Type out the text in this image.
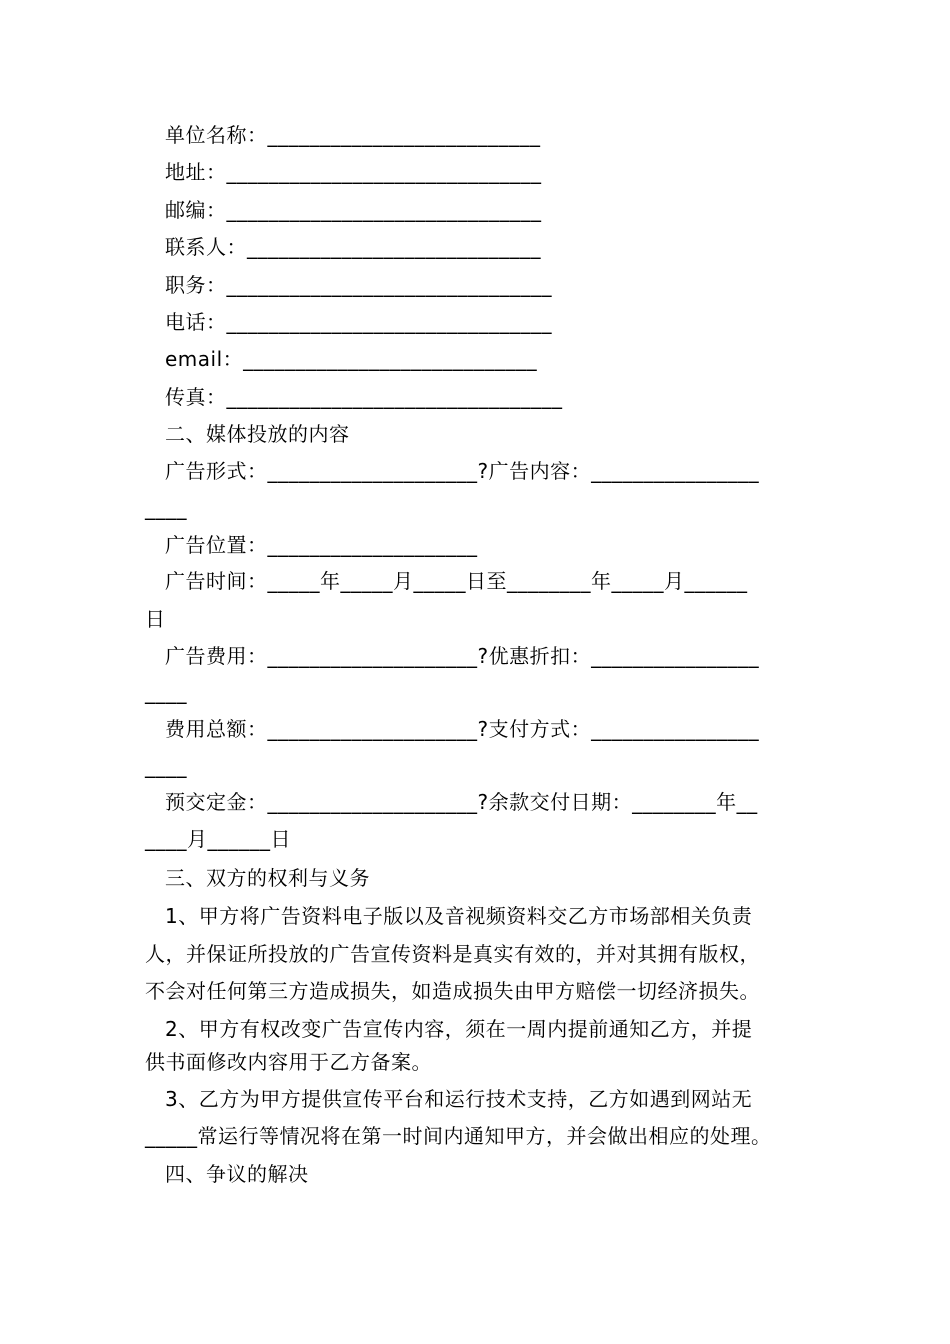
单位名称：__________________________
地址：______________________________
邮编：______________________________
联系人：____________________________
职务：_______________________________
电话：_______________________________
email：____________________________
传真：________________________________
二、媒体投放的内容
广告形式：____________________?广告内容：________________
____
广告位置：____________________
广告时间：_____年_____月_____日至________年_____月______
日
广告费用：____________________?优惠折扣：________________
____
费用总额：____________________?支付方式：________________
____
预交定金：____________________?余款交付日期：________年__
____月______日
三、双方的权利与义务
1、甲方将广告资料电子版以及音视频资料交乙方市场部相关负责
人，并保证所投放的广告宣传资料是真实有效的，并对其拥有版权，
不会对任何第三方造成损失，如造成损失由甲方赔偿一切经济损失。
2、甲方有权改变广告宣传内容，须在一周内提前通知乙方，并提
供书面修改内容用于乙方备案。
3、乙方为甲方提供宣传平台和运行技术支持，乙方如遇到网站无
_____常运行等情况将在第一时间内通知甲方，并会做出相应的处理。
四、争议的解决
